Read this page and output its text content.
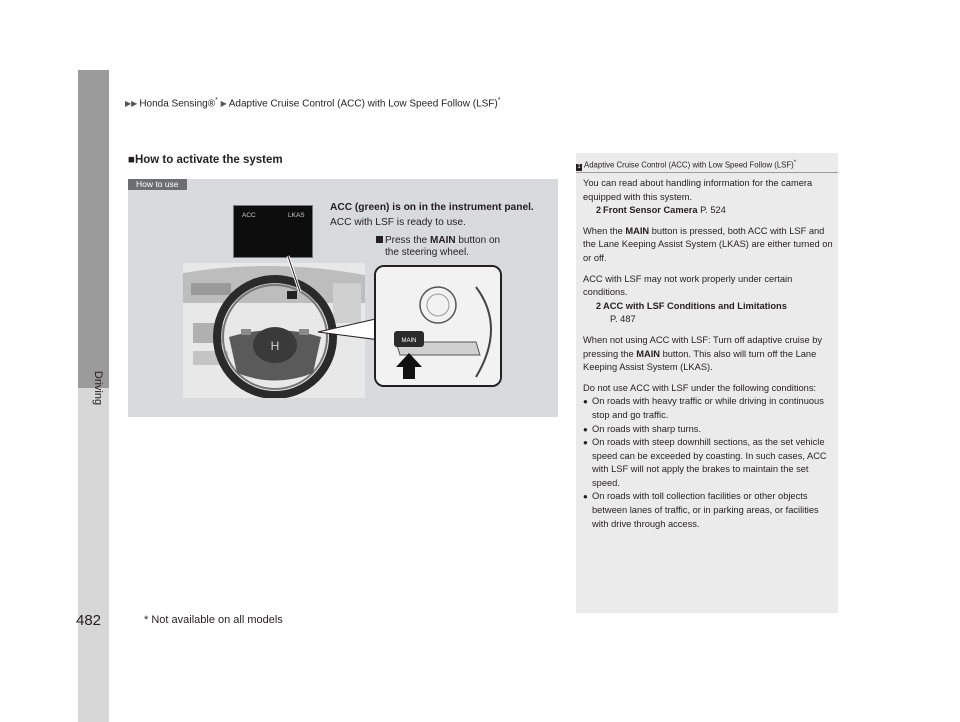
▶▶ Honda Sensing®* ▶ Adaptive Cruise Control (ACC) with Low Speed Follow (LSF)*
Driving
■How to activate the system
How to use
ACC	LKAS
H	MAIN
ACC (green) is on in the instrument panel.
ACC with LSF is ready to use.
Press the MAIN button on
the steering wheel.
1 Adaptive Cruise Control (ACC) with Low Speed Follow (LSF)*

You can read about handling information for the camera equipped with this system.
2 Front Sensor Camera P. 524

When the MAIN button is pressed, both ACC with LSF and the Lane Keeping Assist System (LKAS) are either turned on or off.

ACC with LSF may not work properly under certain conditions.
2 ACC with LSF Conditions and Limitations
P. 487

When not using ACC with LSF: Turn off adaptive cruise by pressing the MAIN button. This also will turn off the Lane Keeping Assist System (LKAS).

Do not use ACC with LSF under the following conditions:

● On roads with heavy traffic or while driving in continuous stop and go traffic.
● On roads with sharp turns.
● On roads with steep downhill sections, as the set vehicle speed can be exceeded by coasting. In such cases, ACC with LSF will not apply the brakes to maintain the set speed.
● On roads with toll collection facilities or other objects between lanes of traffic, or in parking areas, or facilities with drive through access.
482	* Not available on all models
